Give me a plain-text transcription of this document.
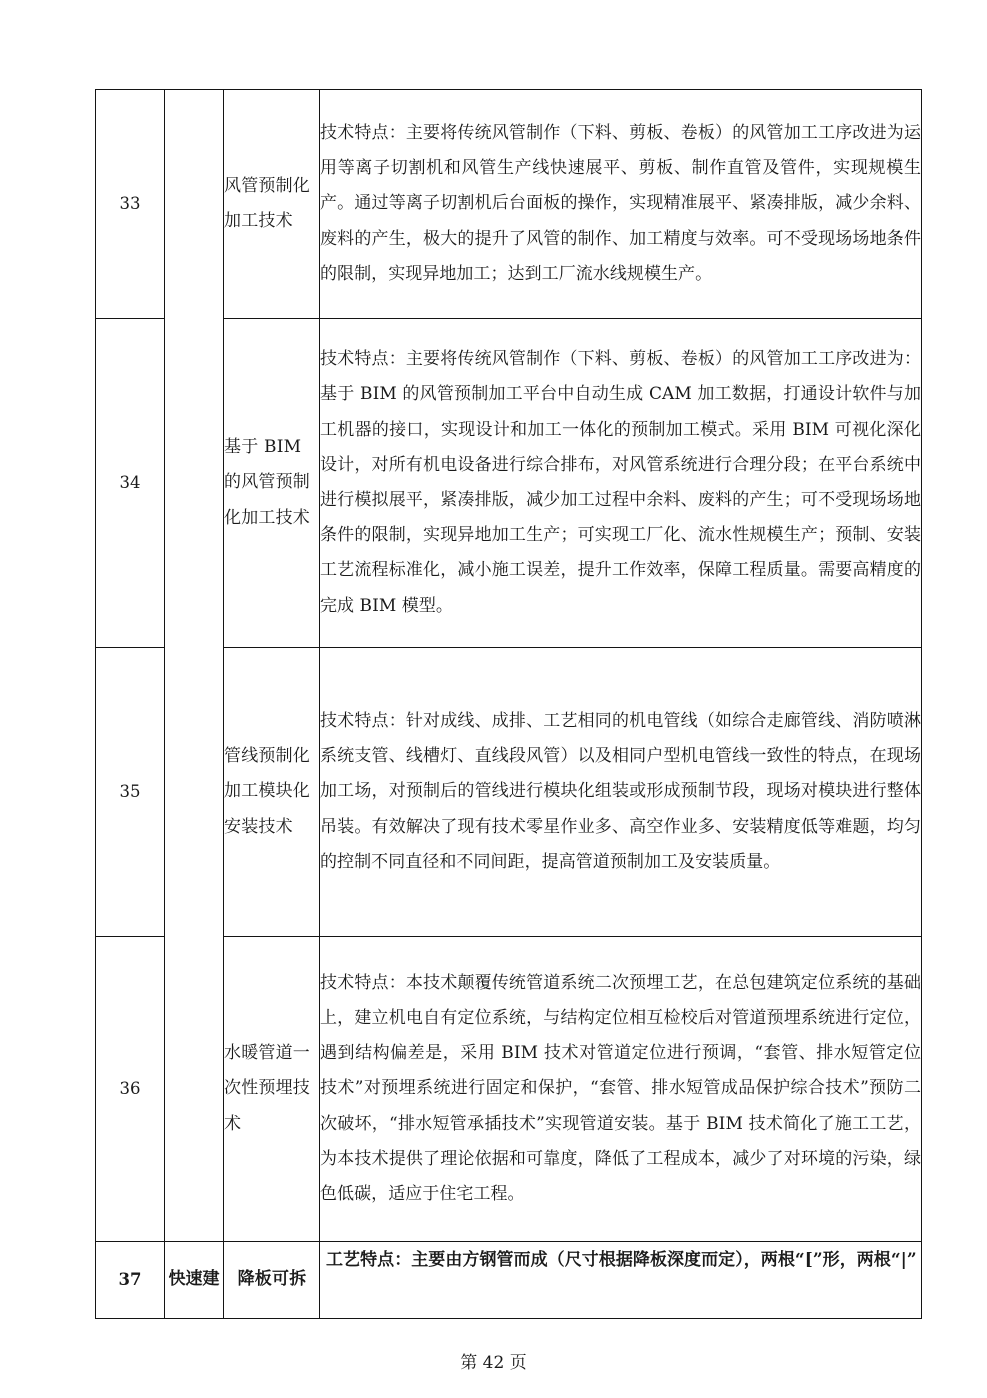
33		风管预制化加工技术	技术特点：主要将传统风管制作（下料、剪板、卷板）的风管加工工序改进为运用等离子切割机和风管生产线快速展平、剪板、制作直管及管件，实现规模生产。通过等离子切割机后台面板的操作，实现精准展平、紧凑排版，减少余料、废料的产生，极大的提升了风管的制作、加工精度与效率。可不受现场场地条件的限制，实现异地加工；达到工厂流水线规模生产。
34		基于 BIM 的风管预制化加工技术	技术特点：主要将传统风管制作（下料、剪板、卷板）的风管加工工序改进为：基于 BIM 的风管预制加工平台中自动生成 CAM 加工数据，打通设计软件与加工机器的接口，实现设计和加工一体化的预制加工模式。采用 BIM 可视化深化设计，对所有机电设备进行综合排布，对风管系统进行合理分段；在平台系统中进行模拟展平，紧凑排版，减少加工过程中余料、废料的产生；可不受现场场地条件的限制，实现异地加工生产；可实现工厂化、流水性规模生产；预制、安装工艺流程标准化，减小施工误差，提升工作效率，保障工程质量。需要高精度的完成 BIM 模型。
35		管线预制化加工模块化安装技术	技术特点：针对成线、成排、工艺相同的机电管线（如综合走廊管线、消防喷淋系统支管、线槽灯、直线段风管）以及相同户型机电管线一致性的特点，在现场加工场，对预制后的管线进行模块化组装或形成预制节段，现场对模块进行整体吊装。有效解决了现有技术零星作业多、高空作业多、安装精度低等难题，均匀的控制不同直径和不同间距，提高管道预制加工及安装质量。
36		水暖管道一次性预埋技术	技术特点：本技术颠覆传统管道系统二次预埋工艺，在总包建筑定位系统的基础上，建立机电自有定位系统，与结构定位相互检校后对管道预埋系统进行定位，遇到结构偏差是，采用 BIM 技术对管道定位进行预调，“套管、排水短管定位技术”对预埋系统进行固定和保护，“套管、排水短管成品保护综合技术”预防二次破坏，“排水短管承插技术”实现管道安装。基于 BIM 技术简化了施工工艺，为本技术提供了理论依据和可靠度，降低了工程成本，减少了对环境的污染，绿色低碳，适应于住宅工程。
37	快速建	降板可拆	工艺特点：主要由方钢管而成（尺寸根据降板深度而定），两根“[”形，两根“|”
第 42 页
